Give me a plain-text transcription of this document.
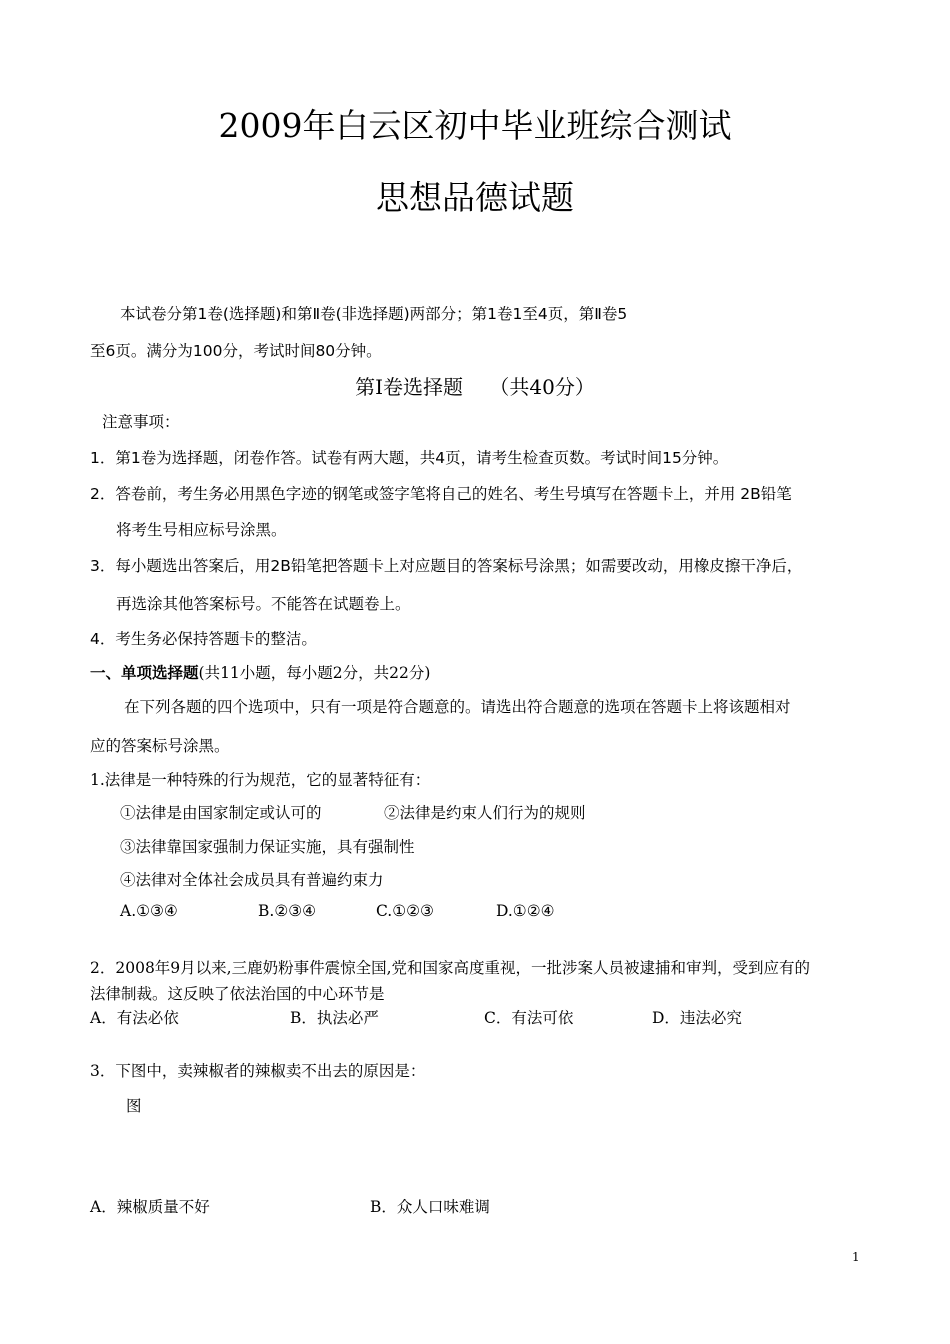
2009年白云区初中毕业班综合测试
思想品德试题
本试卷分第1卷(选择题)和第Ⅱ卷(非选择题)两部分；第1卷1至4页，第Ⅱ卷5
至6页。满分为100分，考试时间80分钟。
第Ⅰ卷选择题　 （共40分）
注意事项：
1．第1卷为选择题，闭卷作答。试卷有两大题，共4页，请考生检查页数。考试时间15分钟。
2．答卷前，考生务必用黑色字迹的钢笔或签字笔将自己的姓名、考生号填写在答题卡上，并用 2B铅笔
将考生号相应标号涂黑。
3．每小题选出答案后，用2B铅笔把答题卡上对应题目的答案标号涂黑；如需要改动，用橡皮擦干净后，
再选涂其他答案标号。不能答在试题卷上。
4．考生务必保持答题卡的整洁。
一、单项选择题(共11小题，每小题2分，共22分)
在下列各题的四个选项中，只有一项是符合题意的。请选出符合题意的选项在答题卡上将该题相对
应的答案标号涂黑。
1.法律是一种特殊的行为规范，它的显著特征有：
①法律是由国家制定或认可的	②法律是约束人们行为的规则
③法律靠国家强制力保证实施，具有强制性
④法律对全体社会成员具有普遍约束力
A.①③④	B.②③④	C.①②③	D.①②④
2．2008年9月以来,三鹿奶粉事件震惊全国,党和国家高度重视，一批涉案人员被逮捕和审判，受到应有的
法律制裁。这反映了依法治国的中心环节是
A．有法必依	B．执法必严	C．有法可依	D．违法必究
3．下图中，卖辣椒者的辣椒卖不出去的原因是：
图
A．辣椒质量不好	B．众人口味难调
1
